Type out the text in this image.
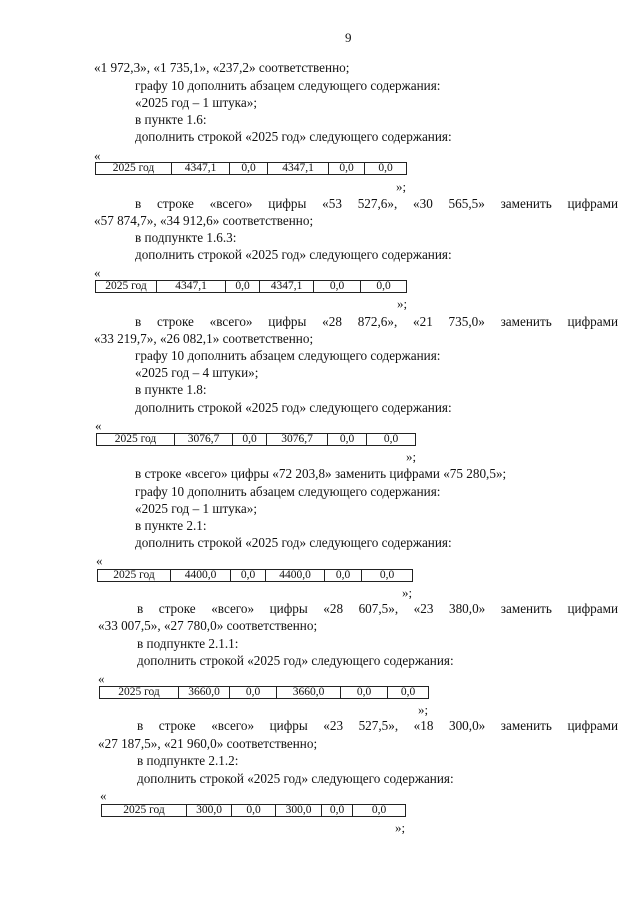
9
«1 972,3», «1 735,1», «237,2» соответственно;
графу 10 дополнить абзацем следующего содержания:
«2025 год – 1 штука»;
в пункте 1.6:
дополнить строкой «2025 год» следующего содержания:
«
2025 год	4347,1	0,0	4347,1	0,0	0,0
»;
в строке «всего» цифры «53 527,6», «30 565,5» заменить цифрами
«57 874,7», «34 912,6» соответственно;
в подпункте 1.6.3:
дополнить строкой «2025 год» следующего содержания:
«
2025 год	4347,1	0,0	4347,1	0,0	0,0
»;
в строке «всего» цифры «28 872,6», «21 735,0» заменить цифрами
«33 219,7», «26 082,1» соответственно;
графу 10 дополнить абзацем следующего содержания:
«2025 год – 4 штуки»;
в пункте 1.8:
дополнить строкой «2025 год» следующего содержания:
«
2025 год	3076,7	0,0	3076,7	0,0	0,0
»;
в строке «всего» цифры «72 203,8» заменить цифрами «75 280,5»;
графу 10 дополнить абзацем следующего содержания:
«2025 год – 1 штука»;
в пункте 2.1:
дополнить строкой «2025 год» следующего содержания:
«
2025 год	4400,0	0,0	4400,0	0,0	0,0
»;
в строке «всего» цифры «28 607,5», «23 380,0» заменить цифрами
«33 007,5», «27 780,0» соответственно;
в подпункте 2.1.1:
дополнить строкой «2025 год» следующего содержания:
«
2025 год	3660,0	0,0	3660,0	0,0	0,0
»;
в строке «всего» цифры «23 527,5», «18 300,0» заменить цифрами
«27 187,5», «21 960,0» соответственно;
в подпункте 2.1.2:
дополнить строкой «2025 год» следующего содержания:
«
2025 год	300,0	0,0	300,0	0,0	0,0
»;
